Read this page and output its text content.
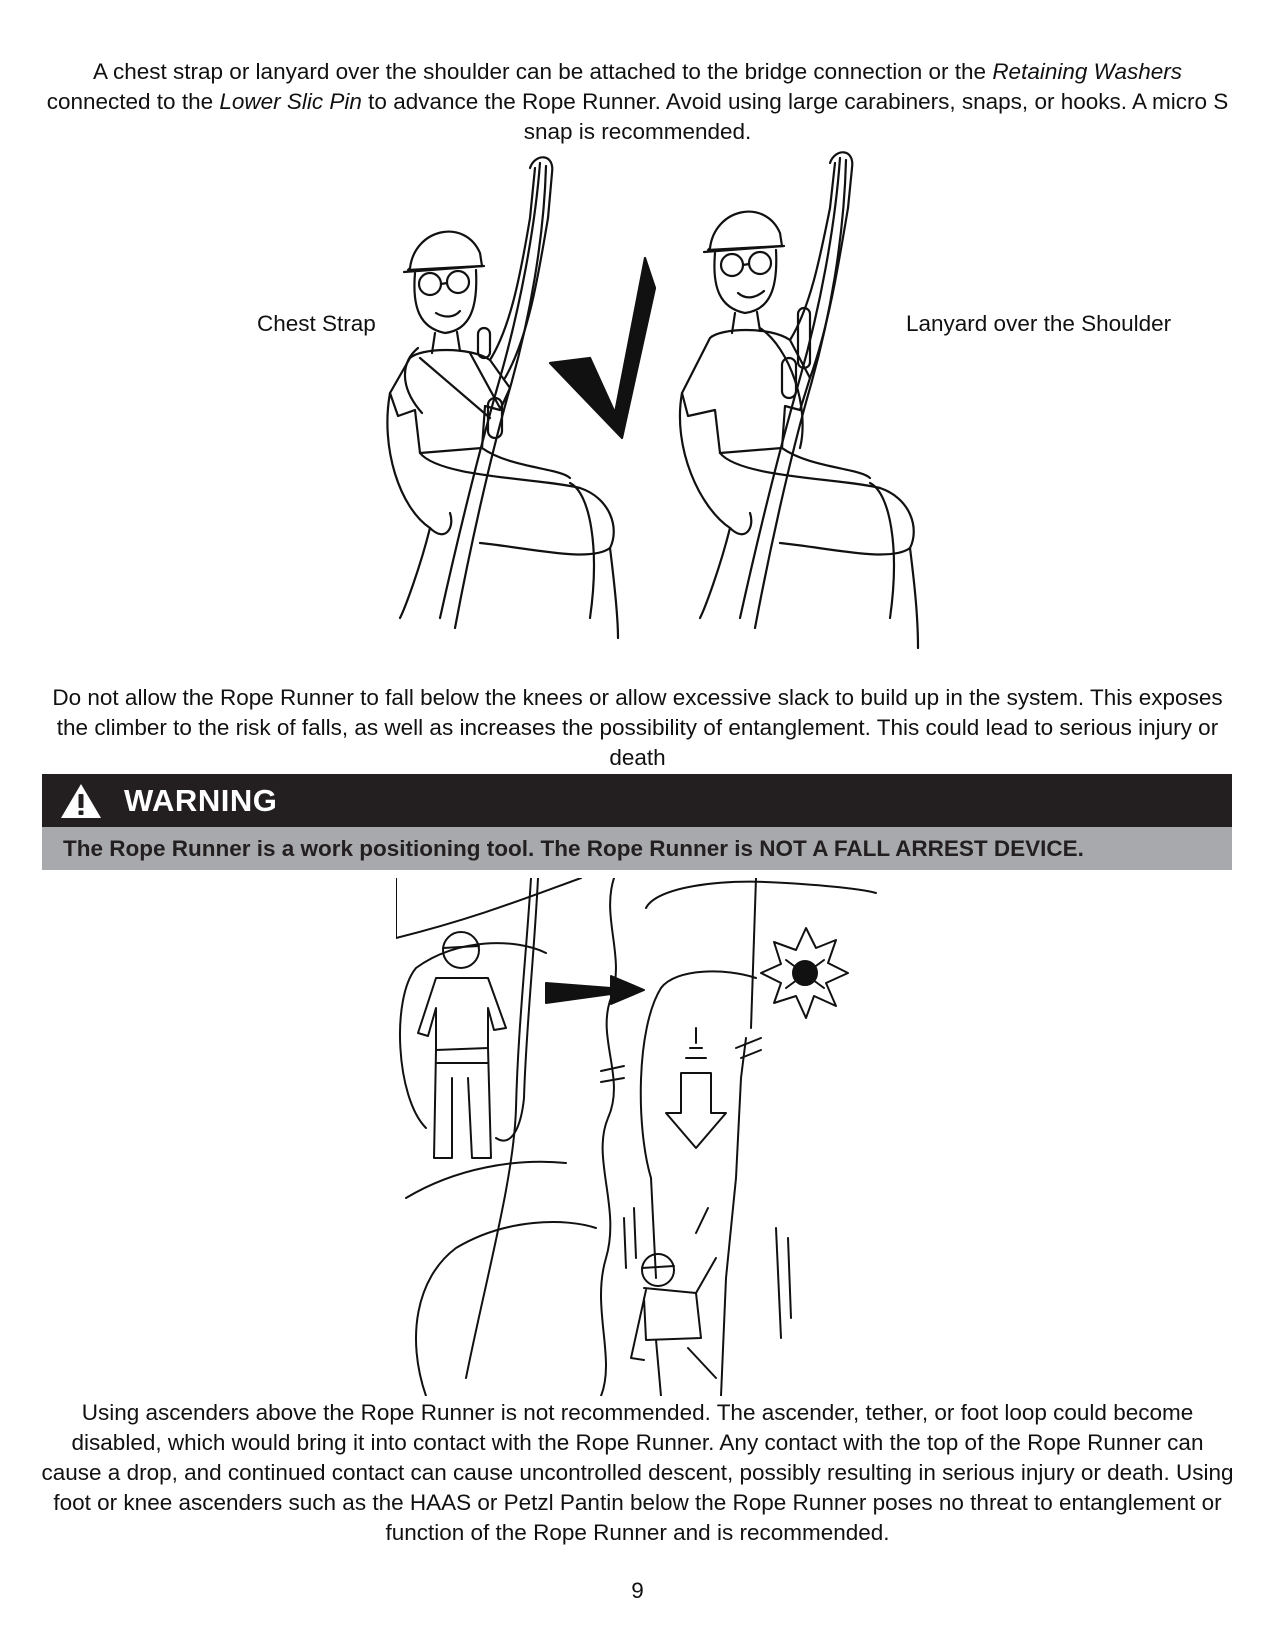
A chest strap or lanyard over the shoulder can be attached to the bridge connection or the Retaining Washers connected to the Lower Slic Pin to advance the Rope Runner. Avoid using large carabiners, snaps, or hooks. A micro S snap is recommended.

Chest Strap	Lanyard over the Shoulder

Do not allow the Rope Runner to fall below the knees or allow excessive slack to build up in the system. This exposes the climber to the risk of falls, as well as increases the possibility of entanglement. This could lead to serious injury or death

WARNING
The Rope Runner is a work positioning tool. The Rope Runner is NOT A FALL ARREST DEVICE.

Using ascenders above the Rope Runner is not recommended. The ascender, tether, or foot loop could become disabled, which would bring it into contact with the Rope Runner. Any contact with the top of the Rope Runner can cause a drop, and continued contact can cause uncontrolled descent, possibly resulting in serious injury or death. Using foot or knee ascenders such as the HAAS or Petzl Pantin below the Rope Runner poses no threat to entanglement or function of the Rope Runner and is recommended.

9
